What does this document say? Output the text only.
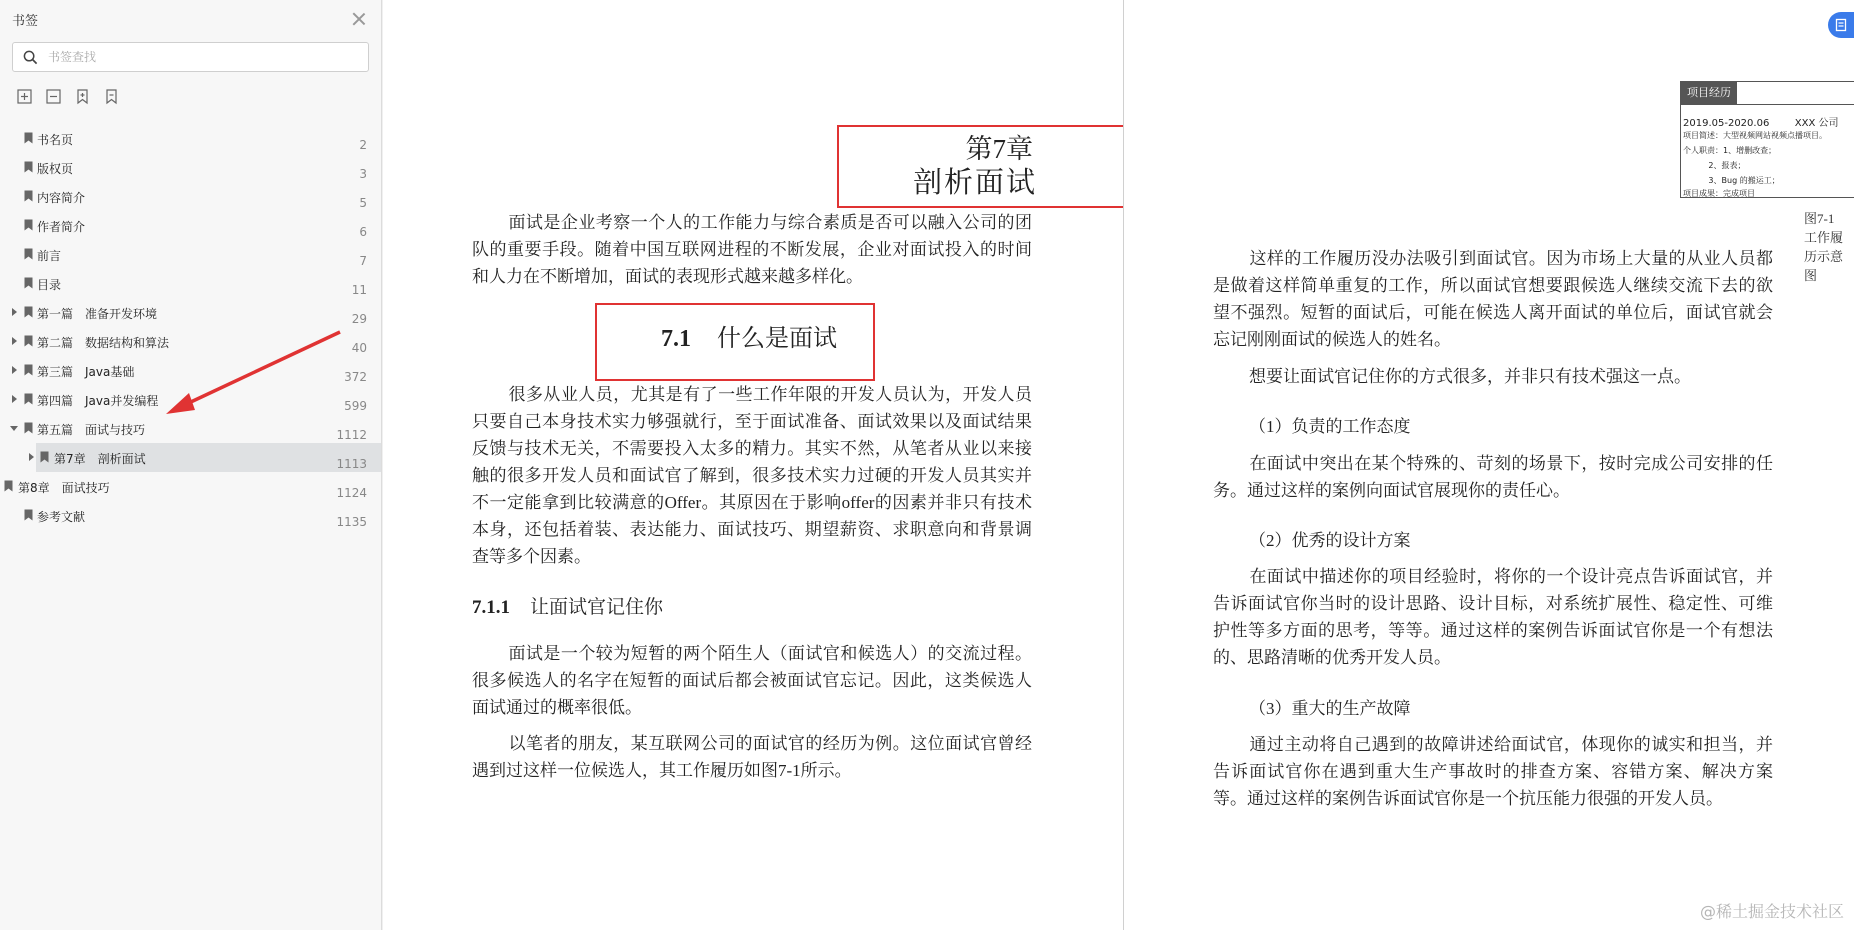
书签
书签查找
书名页	2
版权页	3
内容简介	5
作者简介	6
前言	7
目录	11
第一篇　准备开发环境	29
第二篇　数据结构和算法	40
第三篇　Java基础	372
第四篇　Java并发编程	599
第五篇　面试与技巧	1112
第7章　剖析面试	1113
第8章　面试技巧	1124
参考文献	1135
第7章
剖析面试
面试是企业考察一个人的工作能力与综合素质是否可以融入公司的团队的重要手段。随着中国互联网进程的不断发展，企业对面试投入的时间和人力在不断增加，面试的表现形式越来越多样化。
7.1 什么是面试
很多从业人员，尤其是有了一些工作年限的开发人员认为，开发人员只要自己本身技术实力够强就行，至于面试准备、面试效果以及面试结果反馈与技术无关，不需要投入太多的精力。其实不然，从笔者从业以来接触的很多开发人员和面试官了解到，很多技术实力过硬的开发人员其实并不一定能拿到比较满意的Offer。其原因在于影响offer的因素并非只有技术本身，还包括着装、表达能力、面试技巧、期望薪资、求职意向和背景调查等多个因素。
7.1.1 让面试官记住你
面试是一个较为短暂的两个陌生人（面试官和候选人）的交流过程。很多候选人的名字在短暂的面试后都会被面试官忘记。因此，这类候选人面试通过的概率很低。
以笔者的朋友，某互联网公司的面试官的经历为例。这位面试官曾经遇到过这样一位候选人，其工作履历如图7-1所示。
项目经历
2019.05-2020.06        XXX 公司
项目简述：大型视频网站视频点播项目。
个人职责：1、增删改查；
2、报表；
3、Bug 的搬运工；
项目成果：完成项目
图7-1　工作履历示意图
这样的工作履历没办法吸引到面试官。因为市场上大量的从业人员都是做着这样简单重复的工作，所以面试官想要跟候选人继续交流下去的欲望不强烈。短暂的面试后，可能在候选人离开面试的单位后，面试官就会忘记刚刚面试的候选人的姓名。
想要让面试官记住你的方式很多，并非只有技术强这一点。
（1）负责的工作态度
在面试中突出在某个特殊的、苛刻的场景下，按时完成公司安排的任务。通过这样的案例向面试官展现你的责任心。
（2）优秀的设计方案
在面试中描述你的项目经验时，将你的一个设计亮点告诉面试官，并告诉面试官你当时的设计思路、设计目标，对系统扩展性、稳定性、可维护性等多方面的思考，等等。通过这样的案例告诉面试官你是一个有想法的、思路清晰的优秀开发人员。
（3）重大的生产故障
通过主动将自己遇到的故障讲述给面试官，体现你的诚实和担当，并告诉面试官你在遇到重大生产事故时的排查方案、容错方案、解决方案等。通过这样的案例告诉面试官你是一个抗压能力很强的开发人员。
@稀土掘金技术社区
